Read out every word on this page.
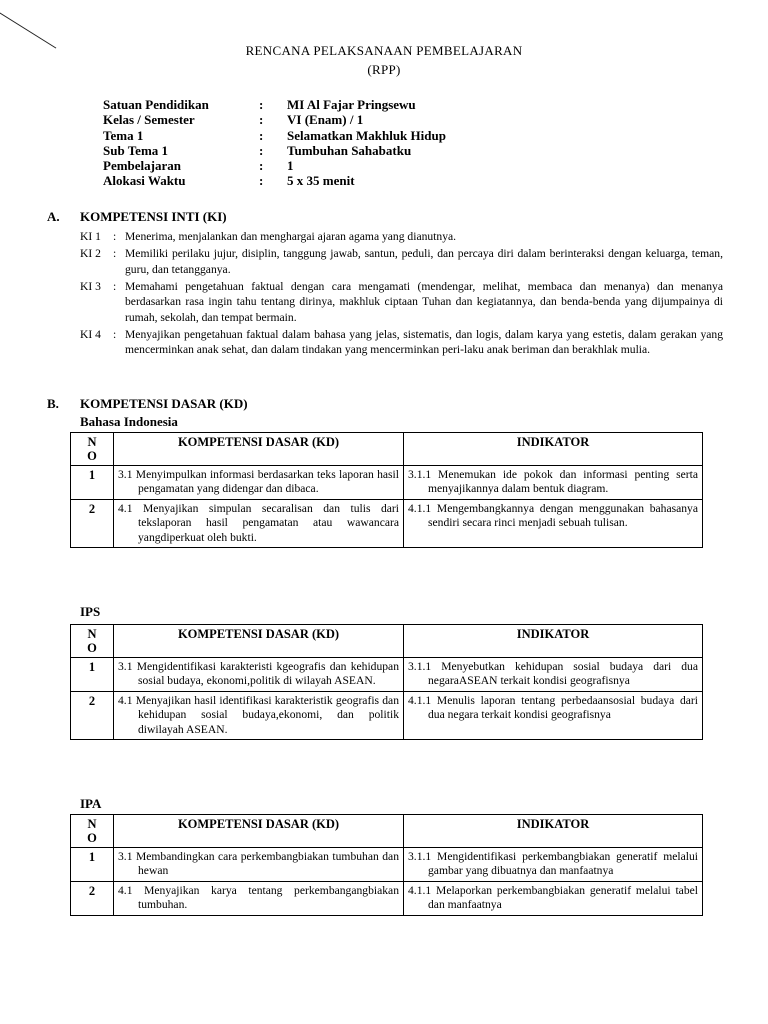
RENCANA PELAKSANAAN PEMBELAJARAN
(RPP)
Satuan Pendidikan	:	MI Al Fajar Pringsewu
Kelas / Semester	:	VI (Enam) / 1
Tema 1	:	Selamatkan Makhluk Hidup
Sub Tema 1	:	Tumbuhan Sahabatku
Pembelajaran	:	1
Alokasi Waktu	:	5 x 35 menit
A. KOMPETENSI INTI (KI)
KI 1	: Menerima, menjalankan dan menghargai ajaran agama yang dianutnya.
KI 2	: Memiliki perilaku jujur, disiplin, tanggung jawab, santun, peduli, dan percaya diri dalam berinteraksi dengan keluarga, teman, guru, dan tetangganya.
KI 3	: Memahami pengetahuan faktual dengan cara mengamati (mendengar, melihat, membaca dan menanya) dan menanya berdasarkan rasa ingin tahu tentang dirinya, makhluk ciptaan Tuhan dan kegiatannya, dan benda-benda yang dijumpainya di rumah, sekolah, dan tempat bermain.
KI 4	: Menyajikan pengetahuan faktual dalam bahasa yang jelas, sistematis, dan logis, dalam karya yang estetis, dalam gerakan yang mencerminkan anak sehat, dan dalam tindakan yang mencerminkan peri-laku anak beriman dan berakhlak mulia.
B. KOMPETENSI DASAR (KD)
Bahasa Indonesia
N
O	KOMPETENSI DASAR (KD)	INDIKATOR
1	3.1 Menyimpulkan informasi berdasarkan teks laporan hasil pengamatan yang didengar dan dibaca.	3.1.1 Menemukan ide pokok dan informasi penting serta menyajikannya dalam bentuk diagram.

2	4.1 Menyajikan simpulan secaralisan dan tulis dari tekslaporan hasil pengamatan atau wawancara yangdiperkuat oleh bukti.	4.1.1 Mengembangkannya dengan menggunakan bahasanya sendiri secara rinci menjadi sebuah tulisan.
IPS
N
O	KOMPETENSI DASAR (KD)	INDIKATOR
1	3.1 Mengidentifikasi karakteristi kgeografis dan kehidupan sosial budaya, ekonomi,politik di wilayah ASEAN.	3.1.1 Menyebutkan kehidupan sosial budaya dari dua negaraASEAN terkait kondisi geografisnya

2	4.1 Menyajikan hasil identifikasi karakteristik geografis dan kehidupan sosial budaya,ekonomi, dan politik diwilayah ASEAN.	4.1.1 Menulis laporan tentang perbedaansosial budaya dari dua negara terkait kondisi geografisnya
IPA
N
O	KOMPETENSI DASAR (KD)	INDIKATOR
1	3.1 Membandingkan cara perkembangbiakan tumbuhan dan hewan	3.1.1 Mengidentifikasi perkembangbiakan generatif melalui gambar yang dibuatnya dan manfaatnya

2	4.1 Menyajikan karya tentang perkembangangbiakan tumbuhan.	4.1.1 Melaporkan perkembangbiakan generatif melalui tabel dan manfaatnya
